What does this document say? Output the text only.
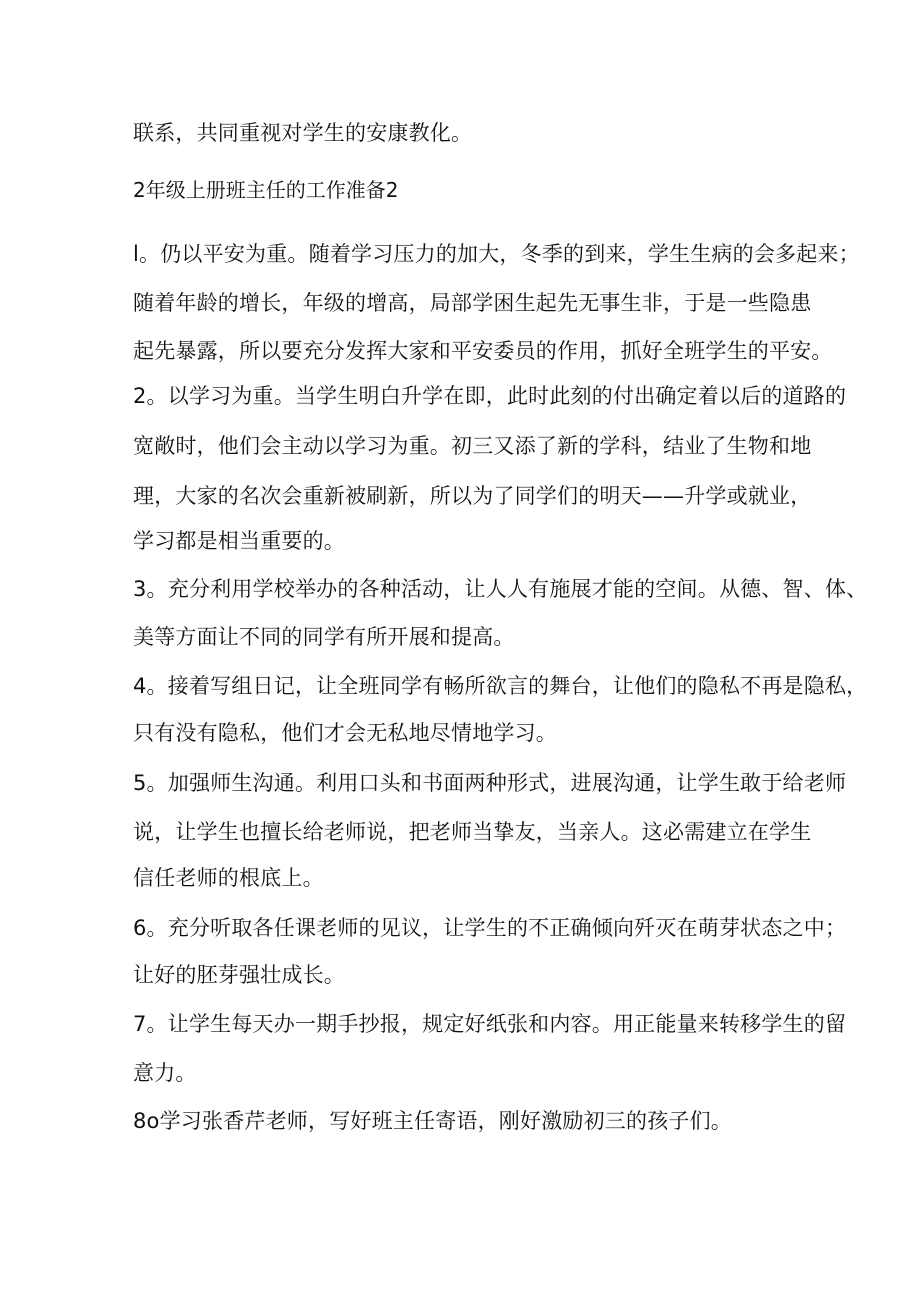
联系，共同重视对学生的安康教化。
2年级上册班主任的工作准备2
l。仍以平安为重。随着学习压力的加大，冬季的到来，学生生病的会多起来；
随着年龄的增长，年级的增高，局部学困生起先无事生非，于是一些隐患
起先暴露，所以要充分发挥大家和平安委员的作用，抓好全班学生的平安。
2。以学习为重。当学生明白升学在即，此时此刻的付出确定着以后的道路的
宽敞时，他们会主动以学习为重。初三又添了新的学科，结业了生物和地
理，大家的名次会重新被刷新，所以为了同学们的明天——升学或就业，
学习都是相当重要的。
3。充分利用学校举办的各种活动，让人人有施展才能的空间。从德、智、体、
美等方面让不同的同学有所开展和提高。
4。接着写组日记，让全班同学有畅所欲言的舞台，让他们的隐私不再是隐私，
只有没有隐私，他们才会无私地尽情地学习。
5。加强师生沟通。利用口头和书面两种形式，进展沟通，让学生敢于给老师
说，让学生也擅长给老师说，把老师当挚友，当亲人。这必需建立在学生
信任老师的根底上。
6。充分听取各任课老师的见议，让学生的不正确倾向歼灭在萌芽状态之中；
让好的胚芽强壮成长。
7。让学生每天办一期手抄报，规定好纸张和内容。用正能量来转移学生的留
意力。
8o学习张香芹老师，写好班主任寄语，刚好激励初三的孩子们。
